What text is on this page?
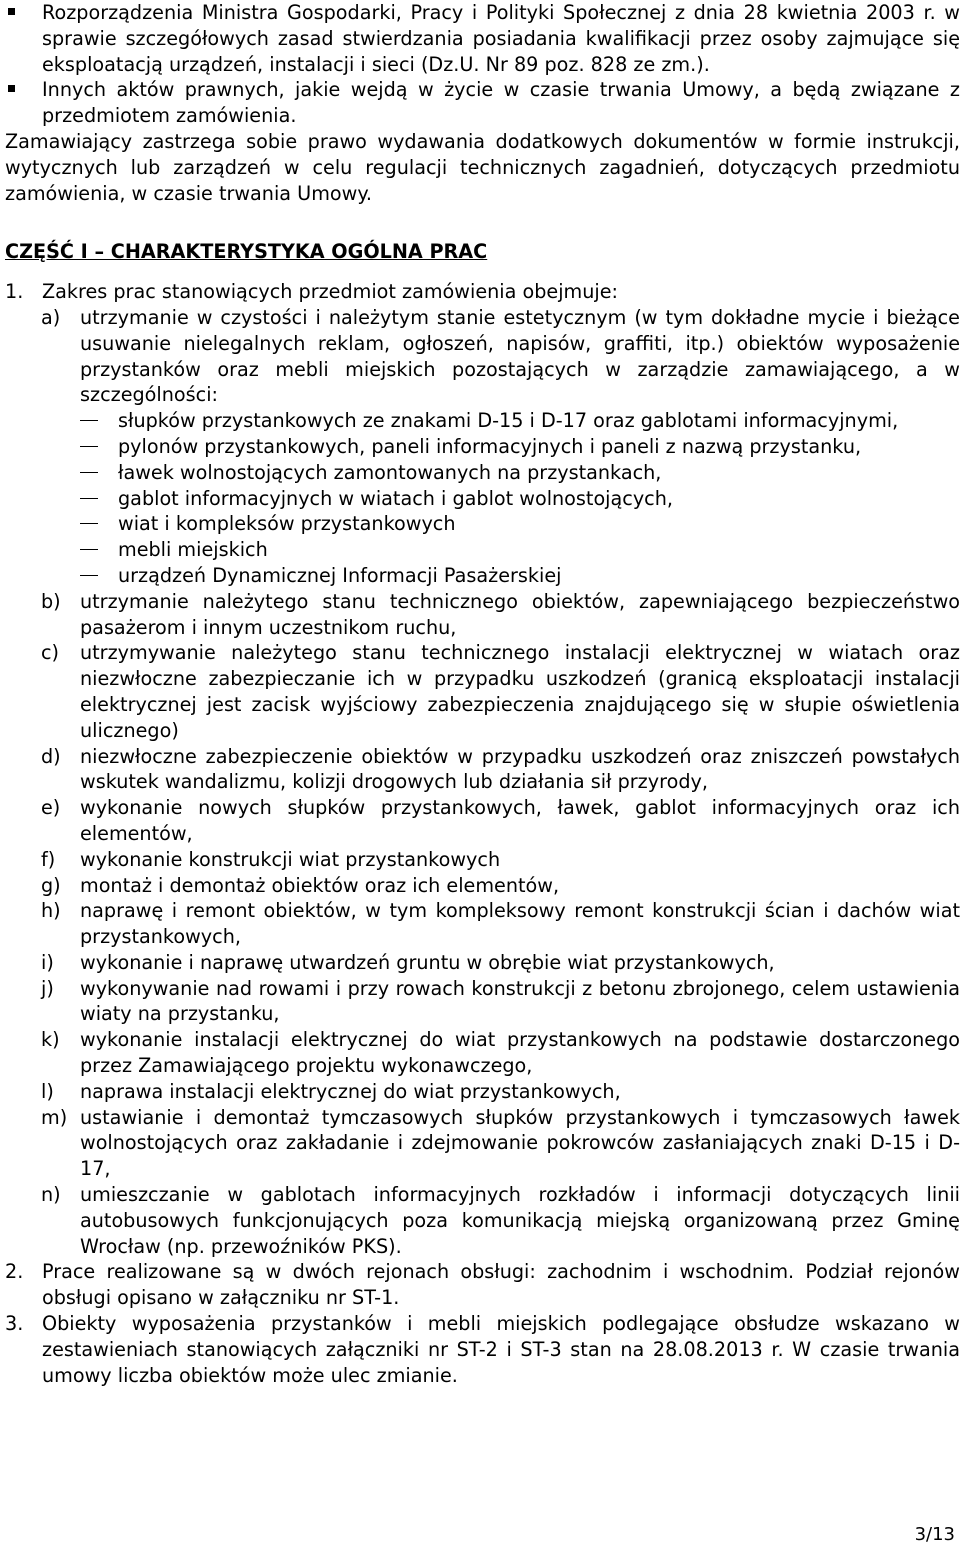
Rozporządzenia Ministra Gospodarki, Pracy i Polityki Społecznej z dnia 28 kwietnia 2003 r. w sprawie szczegółowych zasad stwierdzania posiadania kwalifikacji przez osoby zajmujące się eksploatacją urządzeń, instalacji i sieci (Dz.U. Nr 89 poz. 828 ze zm.).

Innych aktów prawnych, jakie wejdą w życie w czasie trwania Umowy, a będą związane z przedmiotem zamówienia.

Zamawiający zastrzega sobie prawo wydawania dodatkowych dokumentów w formie instrukcji, wytycznych lub zarządzeń w celu regulacji technicznych zagadnień, dotyczących przedmiotu zamówienia, w czasie trwania Umowy.

CZĘŚĆ I – CHARAKTERYSTYKA OGÓLNA PRAC

1. Zakres prac stanowiących przedmiot zamówienia obejmuje:

a) utrzymanie w czystości i należytym stanie estetycznym (w tym dokładne mycie i bieżące usuwanie nielegalnych reklam, ogłoszeń, napisów, graffiti, itp.) obiektów wyposażenie przystanków oraz mebli miejskich pozostających w zarządzie zamawiającego, a w szczególności:

słupków przystankowych ze znakami D-15 i D-17 oraz gablotami informacyjnymi,

pylonów przystankowych, paneli informacyjnych i paneli z nazwą przystanku,

ławek wolnostojących zamontowanych na przystankach,

gablot informacyjnych w wiatach i gablot wolnostojących,

wiat i kompleksów przystankowych

mebli miejskich

urządzeń Dynamicznej Informacji Pasażerskiej

b) utrzymanie należytego stanu technicznego obiektów, zapewniającego bezpieczeństwo pasażerom i innym uczestnikom ruchu,

c) utrzymywanie należytego stanu technicznego instalacji elektrycznej w wiatach oraz niezwłoczne zabezpieczanie ich w przypadku uszkodzeń (granicą eksploatacji instalacji elektrycznej jest zacisk wyjściowy zabezpieczenia znajdującego się w słupie oświetlenia ulicznego)

d) niezwłoczne zabezpieczenie obiektów w przypadku uszkodzeń oraz zniszczeń powstałych wskutek wandalizmu, kolizji drogowych lub działania sił przyrody,

e) wykonanie nowych słupków przystankowych, ławek, gablot informacyjnych oraz ich elementów,

f) wykonanie konstrukcji wiat przystankowych

g) montaż i demontaż obiektów oraz ich elementów,

h) naprawę i remont obiektów, w tym kompleksowy remont konstrukcji ścian i dachów wiat przystankowych,

i) wykonanie i naprawę utwardzeń gruntu w obrębie wiat przystankowych,

j) wykonywanie nad rowami i przy rowach konstrukcji z betonu zbrojonego, celem ustawienia wiaty na przystanku,

k) wykonanie instalacji elektrycznej do wiat przystankowych na podstawie dostarczonego przez Zamawiającego projektu wykonawczego,

l) naprawa instalacji elektrycznej do wiat przystankowych,

m) ustawianie i demontaż tymczasowych słupków przystankowych i tymczasowych ławek wolnostojących oraz zakładanie i zdejmowanie pokrowców zasłaniających znaki D-15 i D-17,

n) umieszczanie w gablotach informacyjnych rozkładów i informacji dotyczących linii autobusowych funkcjonujących poza komunikacją miejską organizowaną przez Gminę Wrocław (np. przewoźników PKS).

2. Prace realizowane są w dwóch rejonach obsługi: zachodnim i wschodnim. Podział rejonów obsługi opisano w załączniku nr ST-1.

3. Obiekty wyposażenia przystanków i mebli miejskich podlegające obsłudze wskazano w zestawieniach stanowiących załączniki nr ST-2 i ST-3 stan na 28.08.2013 r. W czasie trwania umowy liczba obiektów może ulec zmianie.

3/13
